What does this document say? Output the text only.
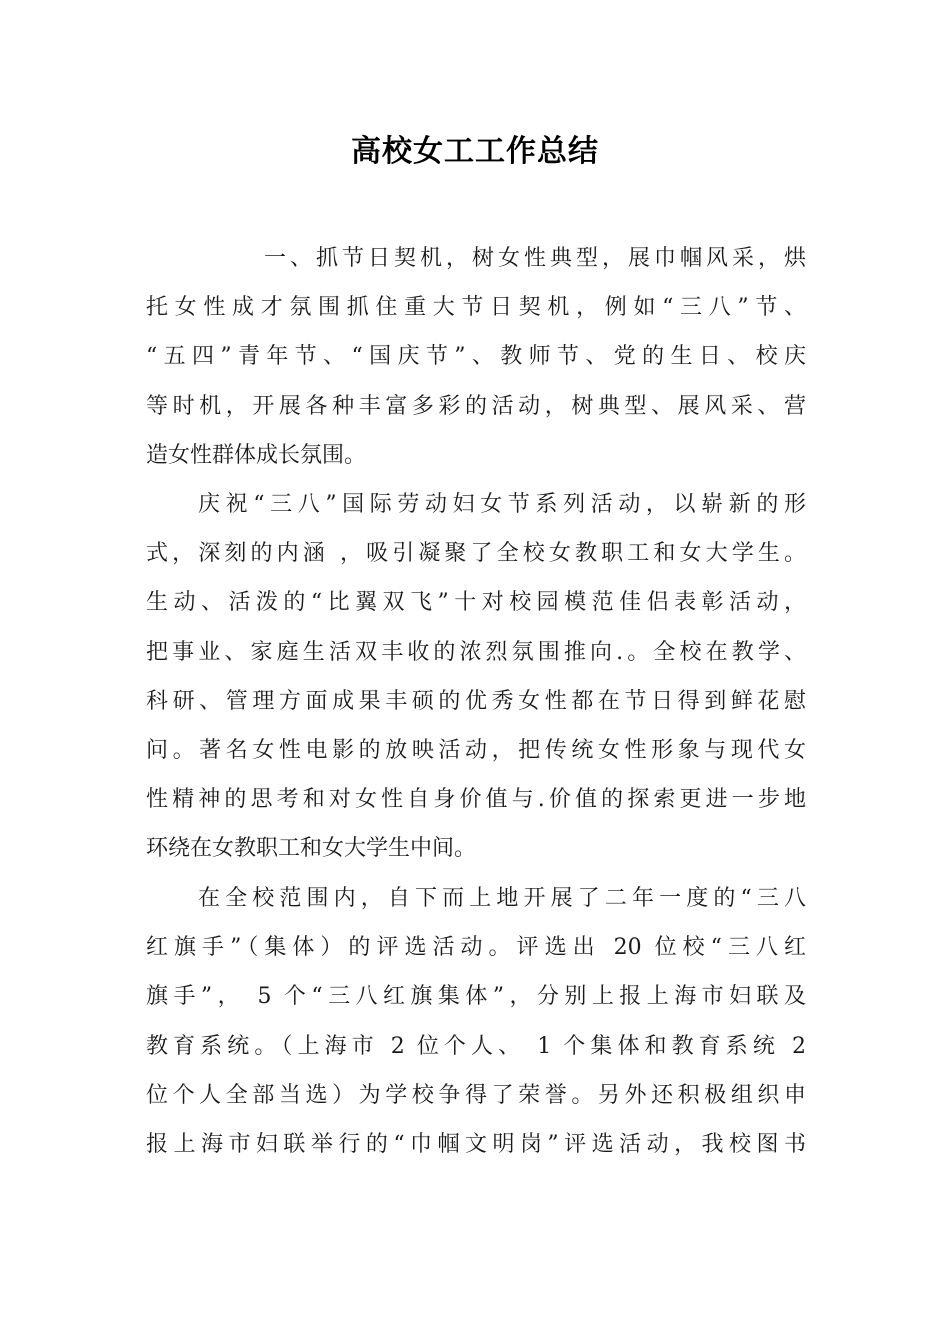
高校女工工作总结
一、抓节日契机，树女性典型，展巾帼风采，烘
托女性成才氛围抓住重大节日契机，例如“三八”节、
“五四”青年节、“国庆节”、教师节、党的生日、校庆
等时机，开展各种丰富多彩的活动，树典型、展风采、营
造女性群体成长氛围。
庆祝“三八”国际劳动妇女节系列活动，以崭新的形
式，深刻的内涵 ，吸引凝聚了全校女教职工和女大学生。
生动、活泼的“比翼双飞”十对校园模范佳侣表彰活动，
把事业、家庭生活双丰收的浓烈氛围推向.。全校在教学、
科研、管理方面成果丰硕的优秀女性都在节日得到鲜花慰
问。著名女性电影的放映活动，把传统女性形象与现代女
性精神的思考和对女性自身价值与.价值的探索更进一步地
环绕在女教职工和女大学生中间。
在全校范围内，自下而上地开展了二年一度的“三八
红旗手”（集体）的评选活动。评选出 20 位校“三八红
旗手”， 5 个“三八红旗集体”，分别上报上海市妇联及
教育系统。（上海市 2 位个人、 1 个集体和教育系统 2
位个人全部当选）为学校争得了荣誉。另外还积极组织申
报上海市妇联举行的“巾帼文明岗”评选活动，我校图书
